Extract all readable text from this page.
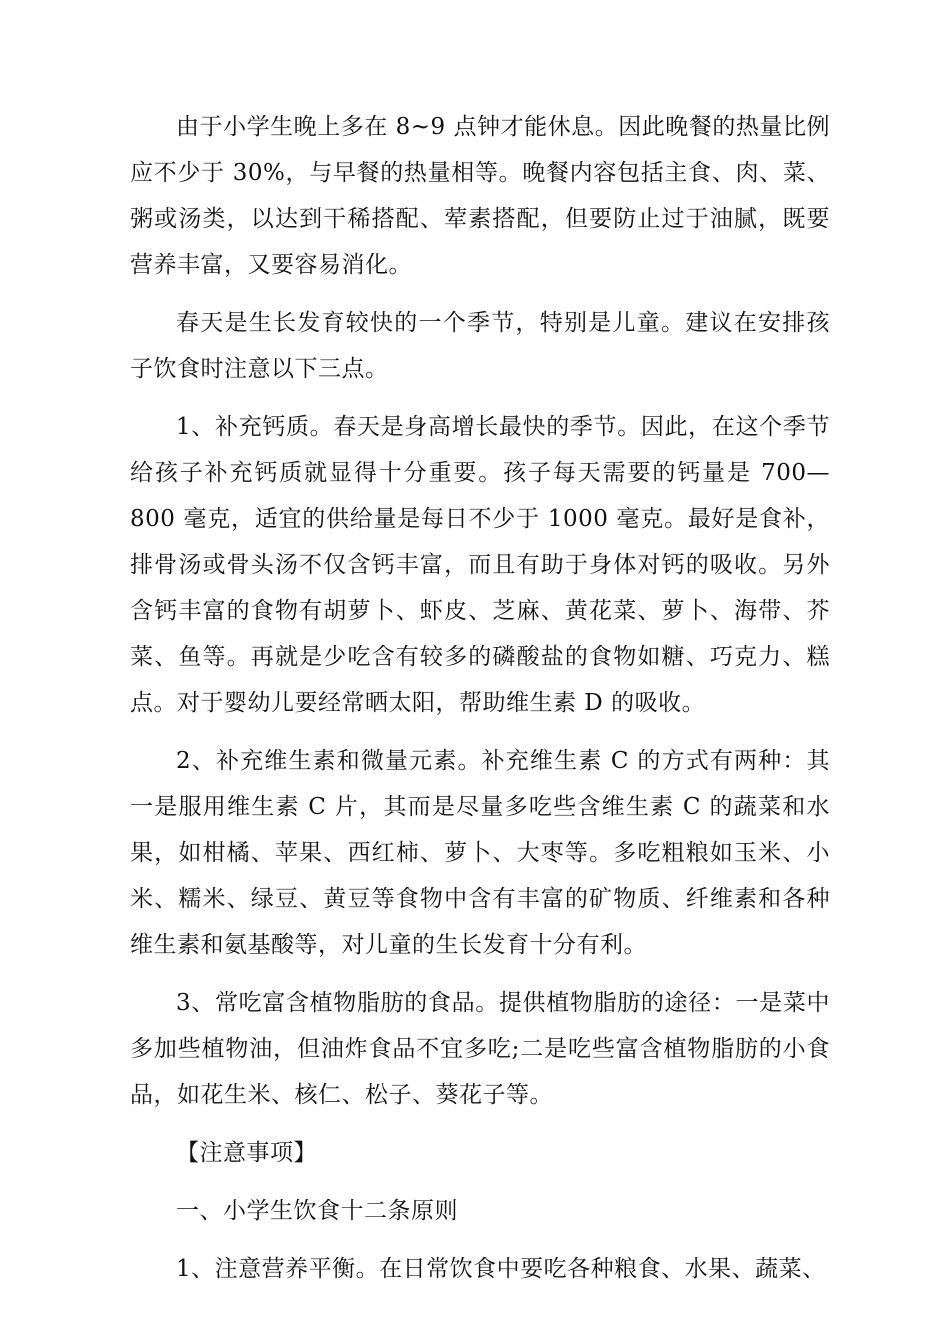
由于小学生晚上多在 8~9 点钟才能休息。因此晚餐的热量比例应不少于 30%，与早餐的热量相等。晚餐内容包括主食、肉、菜、粥或汤类，以达到干稀搭配、荤素搭配，但要防止过于油腻，既要营养丰富，又要容易消化。

春天是生长发育较快的一个季节，特别是儿童。建议在安排孩子饮食时注意以下三点。

1、补充钙质。春天是身高增长最快的季节。因此，在这个季节给孩子补充钙质就显得十分重要。孩子每天需要的钙量是 700—800 毫克，适宜的供给量是每日不少于 1000 毫克。最好是食补，排骨汤或骨头汤不仅含钙丰富，而且有助于身体对钙的吸收。另外含钙丰富的食物有胡萝卜、虾皮、芝麻、黄花菜、萝卜、海带、芥菜、鱼等。再就是少吃含有较多的磷酸盐的食物如糖、巧克力、糕点。对于婴幼儿要经常晒太阳，帮助维生素 D 的吸收。

2、补充维生素和微量元素。补充维生素 C 的方式有两种：其一是服用维生素 C 片，其而是尽量多吃些含维生素 C 的蔬菜和水果，如柑橘、苹果、西红柿、萝卜、大枣等。多吃粗粮如玉米、小米、糯米、绿豆、黄豆等食物中含有丰富的矿物质、纤维素和各种维生素和氨基酸等，对儿童的生长发育十分有利。

3、常吃富含植物脂肪的食品。提供植物脂肪的途径：一是菜中多加些植物油，但油炸食品不宜多吃;二是吃些富含植物脂肪的小食品，如花生米、核仁、松子、葵花子等。

【注意事项】

一、小学生饮食十二条原则

1、注意营养平衡。在日常饮食中要吃各种粮食、水果、蔬菜、
